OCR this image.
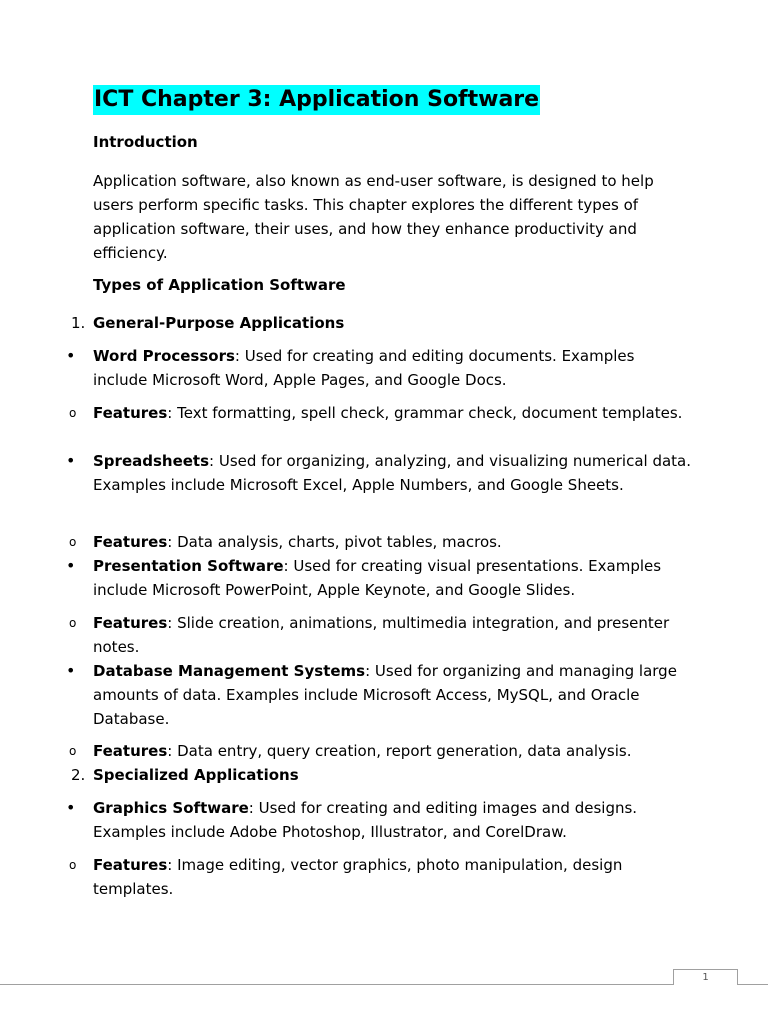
ICT Chapter 3: Application Software

Introduction

Application software, also known as end-user software, is designed to help users perform specific tasks. This chapter explores the different types of application software, their uses, and how they enhance productivity and efficiency.

Types of Application Software

1. General-Purpose Applications

• Word Processors: Used for creating and editing documents. Examples include Microsoft Word, Apple Pages, and Google Docs.

o Features: Text formatting, spell check, grammar check, document templates.

• Spreadsheets: Used for organizing, analyzing, and visualizing numerical data. Examples include Microsoft Excel, Apple Numbers, and Google Sheets.

o Features: Data analysis, charts, pivot tables, macros.

• Presentation Software: Used for creating visual presentations. Examples include Microsoft PowerPoint, Apple Keynote, and Google Slides.

o Features: Slide creation, animations, multimedia integration, and presenter notes.

• Database Management Systems: Used for organizing and managing large amounts of data. Examples include Microsoft Access, MySQL, and Oracle Database.

o Features: Data entry, query creation, report generation, data analysis.

2. Specialized Applications

• Graphics Software: Used for creating and editing images and designs. Examples include Adobe Photoshop, Illustrator, and CorelDraw.

o Features: Image editing, vector graphics, photo manipulation, design templates.

1
